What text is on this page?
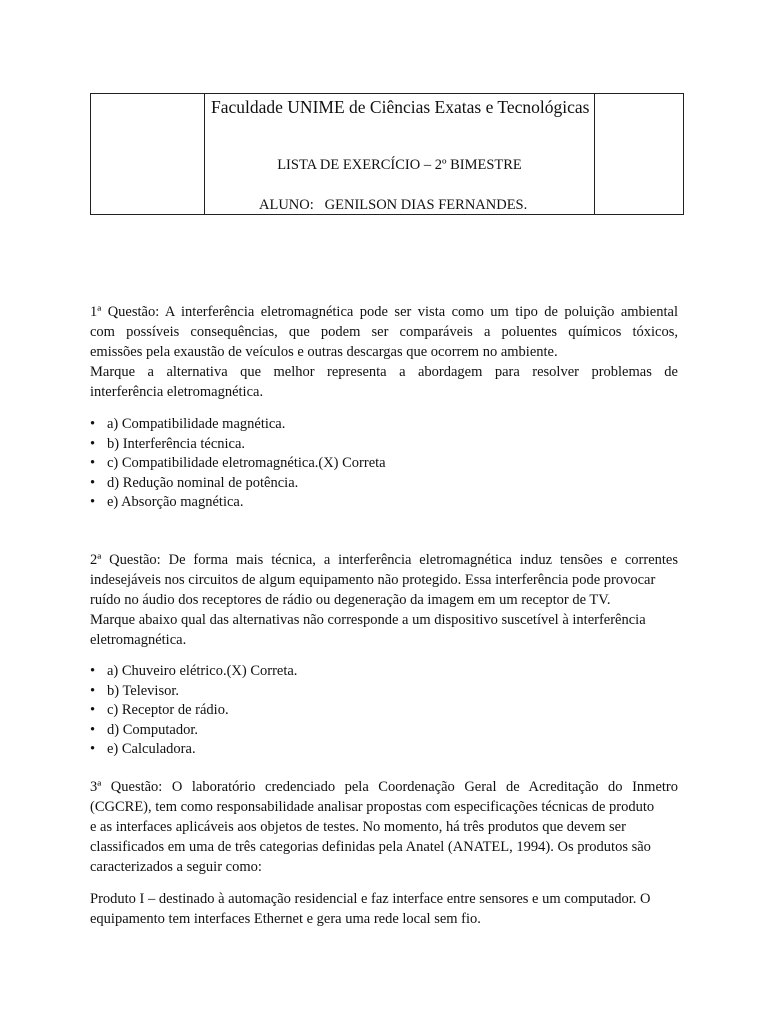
Faculdade UNIME de Ciências Exatas e Tecnológicas
LISTA DE EXERCÍCIO – 2º BIMESTRE
ALUNO:   GENILSON DIAS FERNANDES.
1ª Questão: A interferência eletromagnética pode ser vista como um tipo de poluição ambiental
com possíveis consequências, que podem ser comparáveis a poluentes químicos tóxicos,
emissões pela exaustão de veículos e outras descargas que ocorrem no ambiente.
Marque a alternativa que melhor representa a abordagem para resolver problemas de
interferência eletromagnética.
• a) Compatibilidade magnética.
• b) Interferência técnica.
• c) Compatibilidade eletromagnética.(X) Correta
• d) Redução nominal de potência.
• e) Absorção magnética.
2ª Questão: De forma mais técnica, a interferência eletromagnética induz tensões e correntes
indesejáveis nos circuitos de algum equipamento não protegido. Essa interferência pode provocar
ruído no áudio dos receptores de rádio ou degeneração da imagem em um receptor de TV.
Marque abaixo qual das alternativas não corresponde a um dispositivo suscetível à interferência
eletromagnética.
• a) Chuveiro elétrico.(X) Correta.
• b) Televisor.
• c) Receptor de rádio.
• d) Computador.
• e) Calculadora.
3ª Questão: O laboratório credenciado pela Coordenação Geral de Acreditação do Inmetro
(CGCRE), tem como responsabilidade analisar propostas com especificações técnicas de produto
e as interfaces aplicáveis aos objetos de testes. No momento, há três produtos que devem ser
classificados em uma de três categorias definidas pela Anatel (ANATEL, 1994). Os produtos são
caracterizados a seguir como:
Produto I – destinado à automação residencial e faz interface entre sensores e um computador. O
equipamento tem interfaces Ethernet e gera uma rede local sem fio.
